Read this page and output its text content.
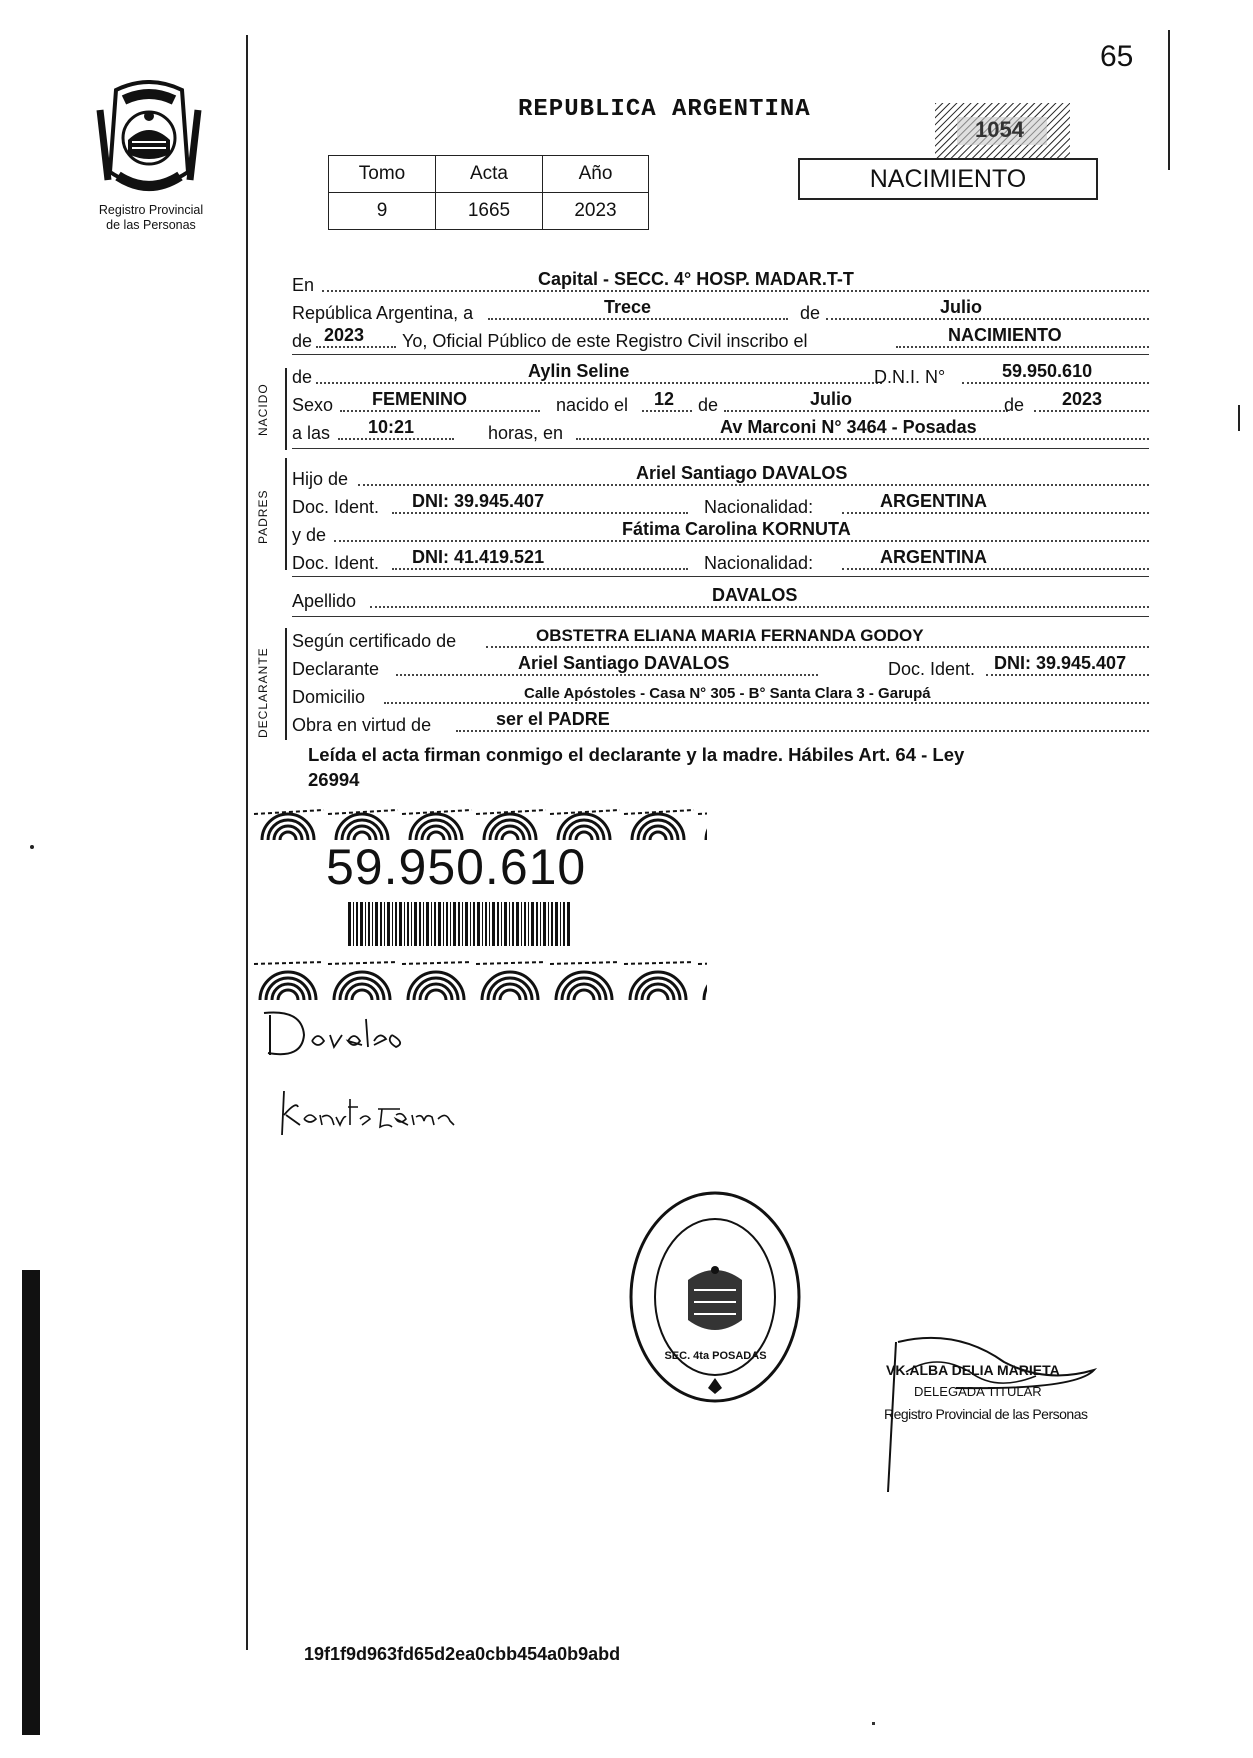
65
Registro Provincial
de las Personas
REPUBLICA ARGENTINA
1054
Tomo	Acta	Año
9	1665	2023
NACIMIENTO
En	Capital - SECC. 4° HOSP. MADAR.T-T
República Argentina, a	Trece	de	Julio
de 2023 Yo, Oficial Público de este Registro Civil inscribo el	NACIMIENTO
NACIDO
de	Aylin Seline	D.N.I. N°	59.950.610
Sexo FEMENINO	nacido el 12 de	Julio	de 2023
a las 10:21	horas, en	Av Marconi N° 3464 - Posadas
PADRES
Hijo de	Ariel Santiago DAVALOS
Doc. Ident. DNI: 39.945.407	Nacionalidad:	ARGENTINA
y de	Fátima Carolina KORNUTA
Doc. Ident. DNI: 41.419.521	Nacionalidad:	ARGENTINA
Apellido	DAVALOS
DECLARANTE
Según certificado de	OBSTETRA ELIANA MARIA FERNANDA GODOY
Declarante	Ariel Santiago DAVALOS	Doc. Ident. DNI: 39.945.407
Domicilio	Calle Apóstoles - Casa N° 305 - B° Santa Clara 3 - Garupá
Obra en virtud de	ser el PADRE
Leída el acta firman conmigo el declarante y la madre. Hábiles Art. 64 - Ley
26994
59.950.610
SEC. 4ta POSADAS
VK.ALBA DELIA MARIETA
DELEGADA TITULAR
Registro Provincial de las Personas
19f1f9d963fd65d2ea0cbb454a0b9abd
